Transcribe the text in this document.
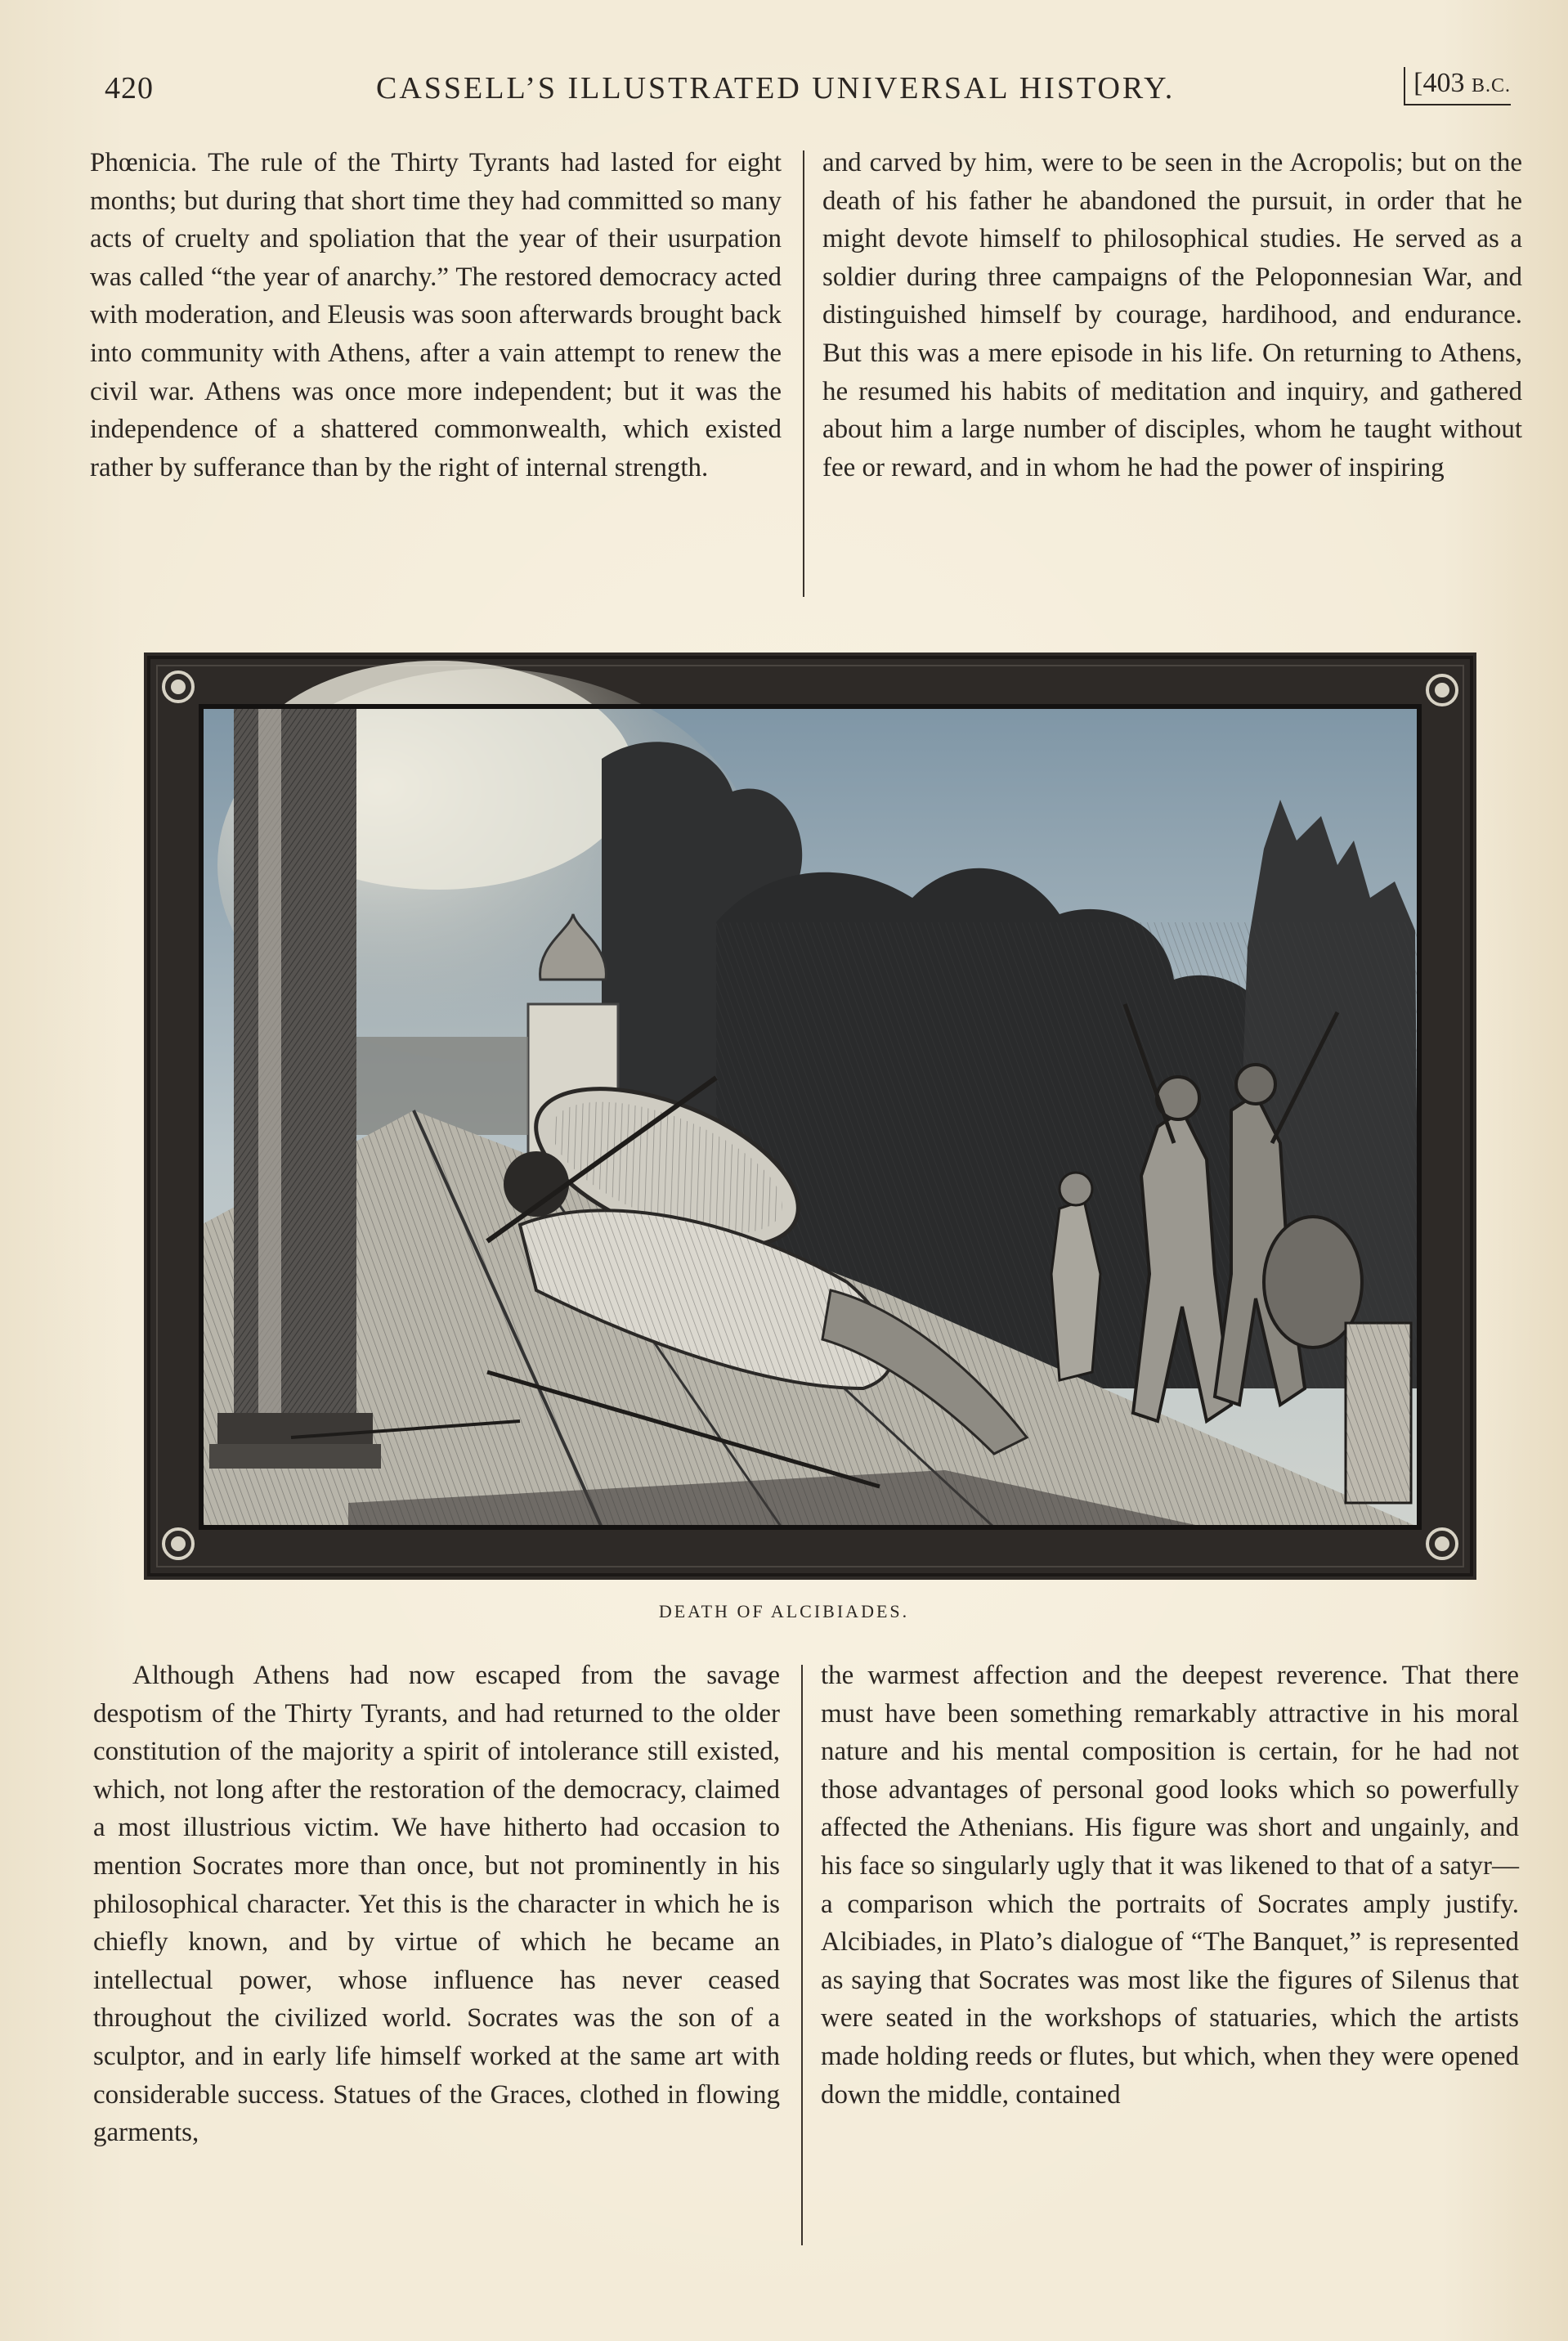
420	CASSELL’S ILLUSTRATED UNIVERSAL HISTORY.	[403 B.C.

Phœnicia. The rule of the Thirty Tyrants had lasted for eight months; but during that short time they had committed so many acts of cruelty and spoliation that the year of their usurpation was called “the year of anarchy.” The restored democracy acted with moderation, and Eleusis was soon afterwards brought back into community with Athens, after a vain attempt to renew the civil war. Athens was once more independent; but it was the independence of a shattered commonwealth, which existed rather by sufferance than by the right of internal strength.

and carved by him, were to be seen in the Acropolis; but on the death of his father he abandoned the pursuit, in order that he might devote himself to philosophical studies. He served as a soldier during three campaigns of the Peloponnesian War, and distinguished himself by courage, hardihood, and endurance. But this was a mere episode in his life. On returning to Athens, he resumed his habits of meditation and inquiry, and gathered about him a large number of disciples, whom he taught without fee or reward, and in whom he had the power of inspiring

DEATH OF ALCIBIADES.

Although Athens had now escaped from the savage despotism of the Thirty Tyrants, and had returned to the older constitution of the majority a spirit of intolerance still existed, which, not long after the restoration of the democracy, claimed a most illustrious victim. We have hitherto had occasion to mention Socrates more than once, but not prominently in his philosophical character. Yet this is the character in which he is chiefly known, and by virtue of which he became an intellectual power, whose influence has never ceased throughout the civilized world. Socrates was the son of a sculptor, and in early life himself worked at the same art with considerable success. Statues of the Graces, clothed in flowing garments,

the warmest affection and the deepest reverence. That there must have been something remarkably attractive in his moral nature and his mental composition is certain, for he had not those advantages of personal good looks which so powerfully affected the Athenians. His figure was short and ungainly, and his face so singularly ugly that it was likened to that of a satyr—a comparison which the portraits of Socrates amply justify. Alcibiades, in Plato’s dialogue of “The Banquet,” is represented as saying that Socrates was most like the figures of Silenus that were seated in the workshops of statuaries, which the artists made holding reeds or flutes, but which, when they were opened down the middle, contained
